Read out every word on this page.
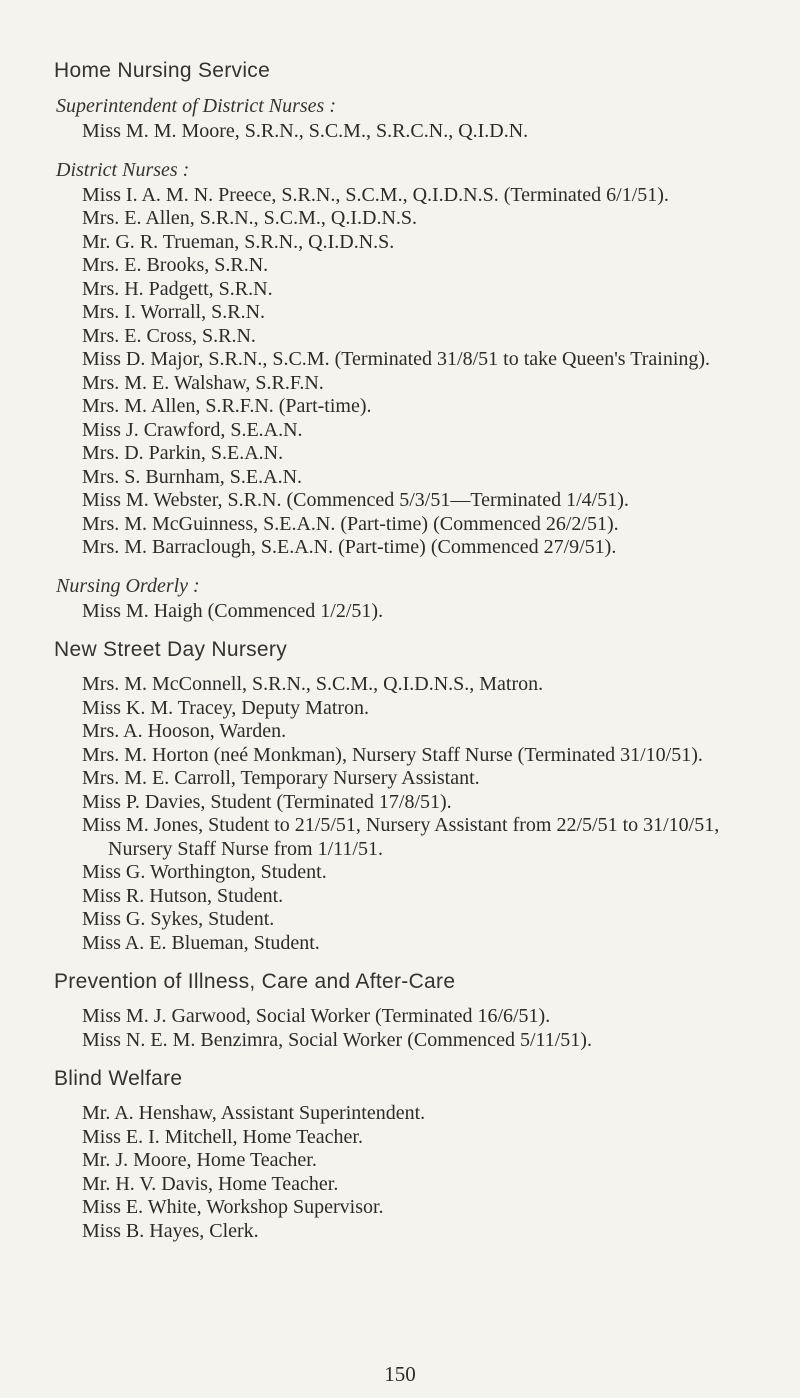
Home Nursing Service
Superintendent of District Nurses :
Miss M. M. Moore, S.R.N., S.C.M., S.R.C.N., Q.I.D.N.
District Nurses :
Miss I. A. M. N. Preece, S.R.N., S.C.M., Q.I.D.N.S. (Terminated 6/1/51).
Mrs. E. Allen, S.R.N., S.C.M., Q.I.D.N.S.
Mr. G. R. Trueman, S.R.N., Q.I.D.N.S.
Mrs. E. Brooks, S.R.N.
Mrs. H. Padgett, S.R.N.
Mrs. I. Worrall, S.R.N.
Mrs. E. Cross, S.R.N.
Miss D. Major, S.R.N., S.C.M. (Terminated 31/8/51 to take Queen's Training).
Mrs. M. E. Walshaw, S.R.F.N.
Mrs. M. Allen, S.R.F.N. (Part-time).
Miss J. Crawford, S.E.A.N.
Mrs. D. Parkin, S.E.A.N.
Mrs. S. Burnham, S.E.A.N.
Miss M. Webster, S.R.N. (Commenced 5/3/51—Terminated 1/4/51).
Mrs. M. McGuinness, S.E.A.N. (Part-time) (Commenced 26/2/51).
Mrs. M. Barraclough, S.E.A.N. (Part-time) (Commenced 27/9/51).
Nursing Orderly :
Miss M. Haigh (Commenced 1/2/51).
New Street Day Nursery
Mrs. M. McConnell, S.R.N., S.C.M., Q.I.D.N.S., Matron.
Miss K. M. Tracey, Deputy Matron.
Mrs. A. Hooson, Warden.
Mrs. M. Horton (neé Monkman), Nursery Staff Nurse (Terminated 31/10/51).
Mrs. M. E. Carroll, Temporary Nursery Assistant.
Miss P. Davies, Student (Terminated 17/8/51).
Miss M. Jones, Student to 21/5/51, Nursery Assistant from 22/5/51 to 31/10/51, Nursery Staff Nurse from 1/11/51.
Miss G. Worthington, Student.
Miss R. Hutson, Student.
Miss G. Sykes, Student.
Miss A. E. Blueman, Student.
Prevention of Illness, Care and After-Care
Miss M. J. Garwood, Social Worker (Terminated 16/6/51).
Miss N. E. M. Benzimra, Social Worker (Commenced 5/11/51).
Blind Welfare
Mr. A. Henshaw, Assistant Superintendent.
Miss E. I. Mitchell, Home Teacher.
Mr. J. Moore, Home Teacher.
Mr. H. V. Davis, Home Teacher.
Miss E. White, Workshop Supervisor.
Miss B. Hayes, Clerk.
150
